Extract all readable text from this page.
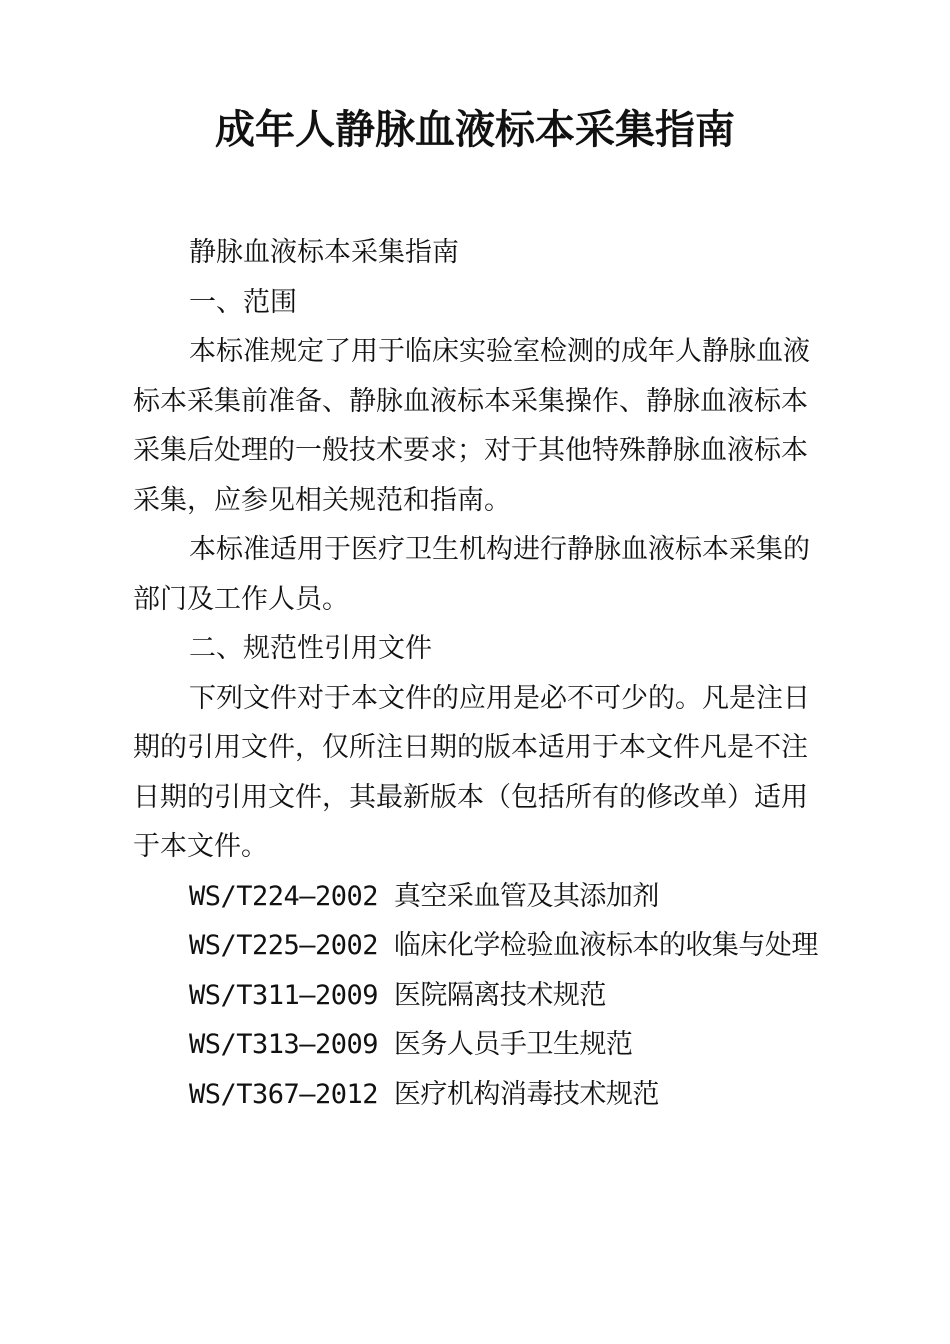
成年人静脉血液标本采集指南

静脉血液标本采集指南

一、范围

本标准规定了用于临床实验室检测的成年人静脉血液标本采集前准备、静脉血液标本采集操作、静脉血液标本采集后处理的一般技术要求；对于其他特殊静脉血液标本采集，应参见相关规范和指南。

本标准适用于医疗卫生机构进行静脉血液标本采集的部门及工作人员。

二、规范性引用文件

下列文件对于本文件的应用是必不可少的。凡是注日期的引用文件，仅所注日期的版本适用于本文件凡是不注日期的引用文件，其最新版本（包括所有的修改单）适用于本文件。

WS/T224—2002 真空采血管及其添加剂

WS/T225—2002 临床化学检验血液标本的收集与处理

WS/T311—2009 医院隔离技术规范

WS/T313—2009 医务人员手卫生规范

WS/T367—2012 医疗机构消毒技术规范
